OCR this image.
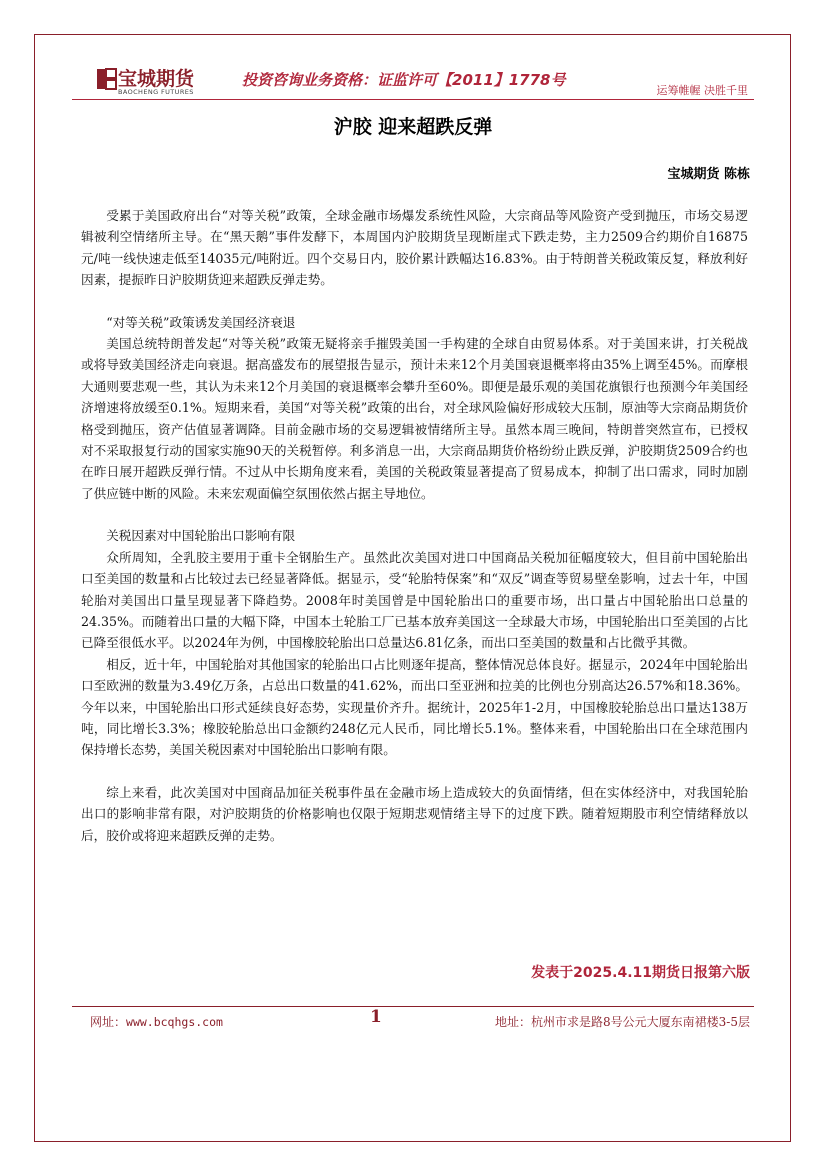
宝城期货
BAOCHENG FUTURES
投资咨询业务资格：证监许可【2011】1778号
运筹帷幄 决胜千里
沪胶 迎来超跌反弹
宝城期货 陈栋

受累于美国政府出台“对等关税”政策，全球金融市场爆发系统性风险，大宗商品等风险资产受到抛压，市场交易逻辑被利空情绪所主导。在“黑天鹅”事件发酵下，本周国内沪胶期货呈现断崖式下跌走势，主力2509合约期价自16875元/吨一线快速走低至14035元/吨附近。四个交易日内，胶价累计跌幅达16.83%。由于特朗普关税政策反复，释放利好因素，提振昨日沪胶期货迎来超跌反弹走势。

“对等关税”政策诱发美国经济衰退

美国总统特朗普发起“对等关税”政策无疑将亲手摧毁美国一手构建的全球自由贸易体系。对于美国来讲，打关税战或将导致美国经济走向衰退。据高盛发布的展望报告显示，预计未来12个月美国衰退概率将由35%上调至45%。而摩根大通则要悲观一些，其认为未来12个月美国的衰退概率会攀升至60%。即便是最乐观的美国花旗银行也预测今年美国经济增速将放缓至0.1%。短期来看，美国“对等关税”政策的出台，对全球风险偏好形成较大压制，原油等大宗商品期货价格受到抛压，资产估值显著调降。目前金融市场的交易逻辑被情绪所主导。虽然本周三晚间，特朗普突然宣布，已授权对不采取报复行动的国家实施90天的关税暂停。利多消息一出，大宗商品期货价格纷纷止跌反弹，沪胶期货2509合约也在昨日展开超跌反弹行情。不过从中长期角度来看，美国的关税政策显著提高了贸易成本，抑制了出口需求，同时加剧了供应链中断的风险。未来宏观面偏空氛围依然占据主导地位。

关税因素对中国轮胎出口影响有限

众所周知，全乳胶主要用于重卡全钢胎生产。虽然此次美国对进口中国商品关税加征幅度较大，但目前中国轮胎出口至美国的数量和占比较过去已经显著降低。据显示，受“轮胎特保案”和“双反”调查等贸易壁垒影响，过去十年，中国轮胎对美国出口量呈现显著下降趋势。2008年时美国曾是中国轮胎出口的重要市场，出口量占中国轮胎出口总量的24.35%。而随着出口量的大幅下降，中国本土轮胎工厂已基本放弃美国这一全球最大市场，中国轮胎出口至美国的占比已降至很低水平。以2024年为例，中国橡胶轮胎出口总量达6.81亿条，而出口至美国的数量和占比微乎其微。

相反，近十年，中国轮胎对其他国家的轮胎出口占比则逐年提高，整体情况总体良好。据显示，2024年中国轮胎出口至欧洲的数量为3.49亿万条，占总出口数量的41.62%，而出口至亚洲和拉美的比例也分别高达26.57%和18.36%。今年以来，中国轮胎出口形式延续良好态势，实现量价齐升。据统计，2025年1-2月，中国橡胶轮胎总出口量达138万吨，同比增长3.3%；橡胶轮胎总出口金额约248亿元人民币，同比增长5.1%。整体来看，中国轮胎出口在全球范围内保持增长态势，美国关税因素对中国轮胎出口影响有限。

综上来看，此次美国对中国商品加征关税事件虽在金融市场上造成较大的负面情绪，但在实体经济中，对我国轮胎出口的影响非常有限，对沪胶期货的价格影响也仅限于短期悲观情绪主导下的过度下跌。随着短期股市利空情绪释放以后，胶价或将迎来超跌反弹的走势。

发表于2025.4.11期货日报第六版
网址：www.bcqhgs.com	1	地址：杭州市求是路8号公元大厦东南裙楼3-5层
